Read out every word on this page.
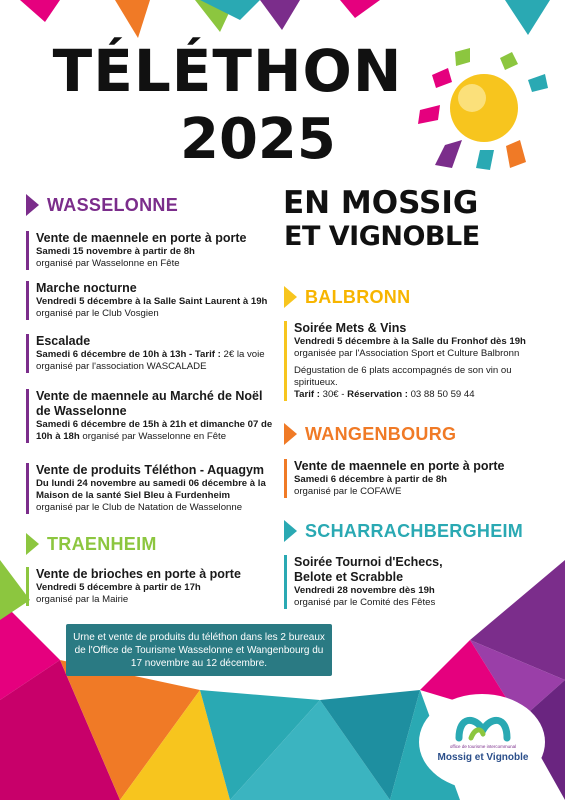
TÉLÉTHON
2025
EN MOSSIG
ET VIGNOBLE
WASSELONNE
Vente de maennele en porte à porte
Samedi 15 novembre à partir de 8h
organisé par Wasselonne en Fête
Marche nocturne
Vendredi 5 décembre à la Salle Saint Laurent à 19h
organisé par le Club Vosgien
Escalade
Samedi 6 décembre de 10h à 13h - Tarif : 2€ la voie
organisé par l'association WASCALADE
Vente de maennele au Marché de Noël de Wasselonne
Samedi 6 décembre de 15h à 21h et dimanche 07 de 10h à 18h organisé par Wasselonne en Fête
Vente de produits Téléthon - Aquagym
Du lundi 24 novembre au samedi 06 décembre à la Maison de la santé Siel Bleu à Furdenheim
organisé par le Club de Natation de Wasselonne
TRAENHEIM
Vente de brioches en porte à porte
Vendredi 5 décembre à partir de 17h
organisé par la Mairie
BALBRONN
Soirée Mets & Vins
Vendredi 5 décembre à la Salle du Fronhof dès 19h
organisée par l'Association Sport et Culture Balbronn
Dégustation de 6 plats accompagnés de son vin ou spiritueux.
Tarif : 30€ - Réservation : 03 88 50 59 44
WANGENBOURG
Vente de maennele en porte à porte
Samedi 6 décembre à partir de 8h
organisé par le COFAWE
SCHARRACHBERGHEIM
Soirée Tournoi d'Echecs, Belote et Scrabble
Vendredi 28 novembre dès 19h
organisé par le Comité des Fêtes
Urne et vente de produits du téléthon dans les 2 bureaux de l'Office de Tourisme Wasselonne et Wangenbourg du 17 novembre au 12 décembre.
office de tourisme intercommunal
Mossig et Vignoble
